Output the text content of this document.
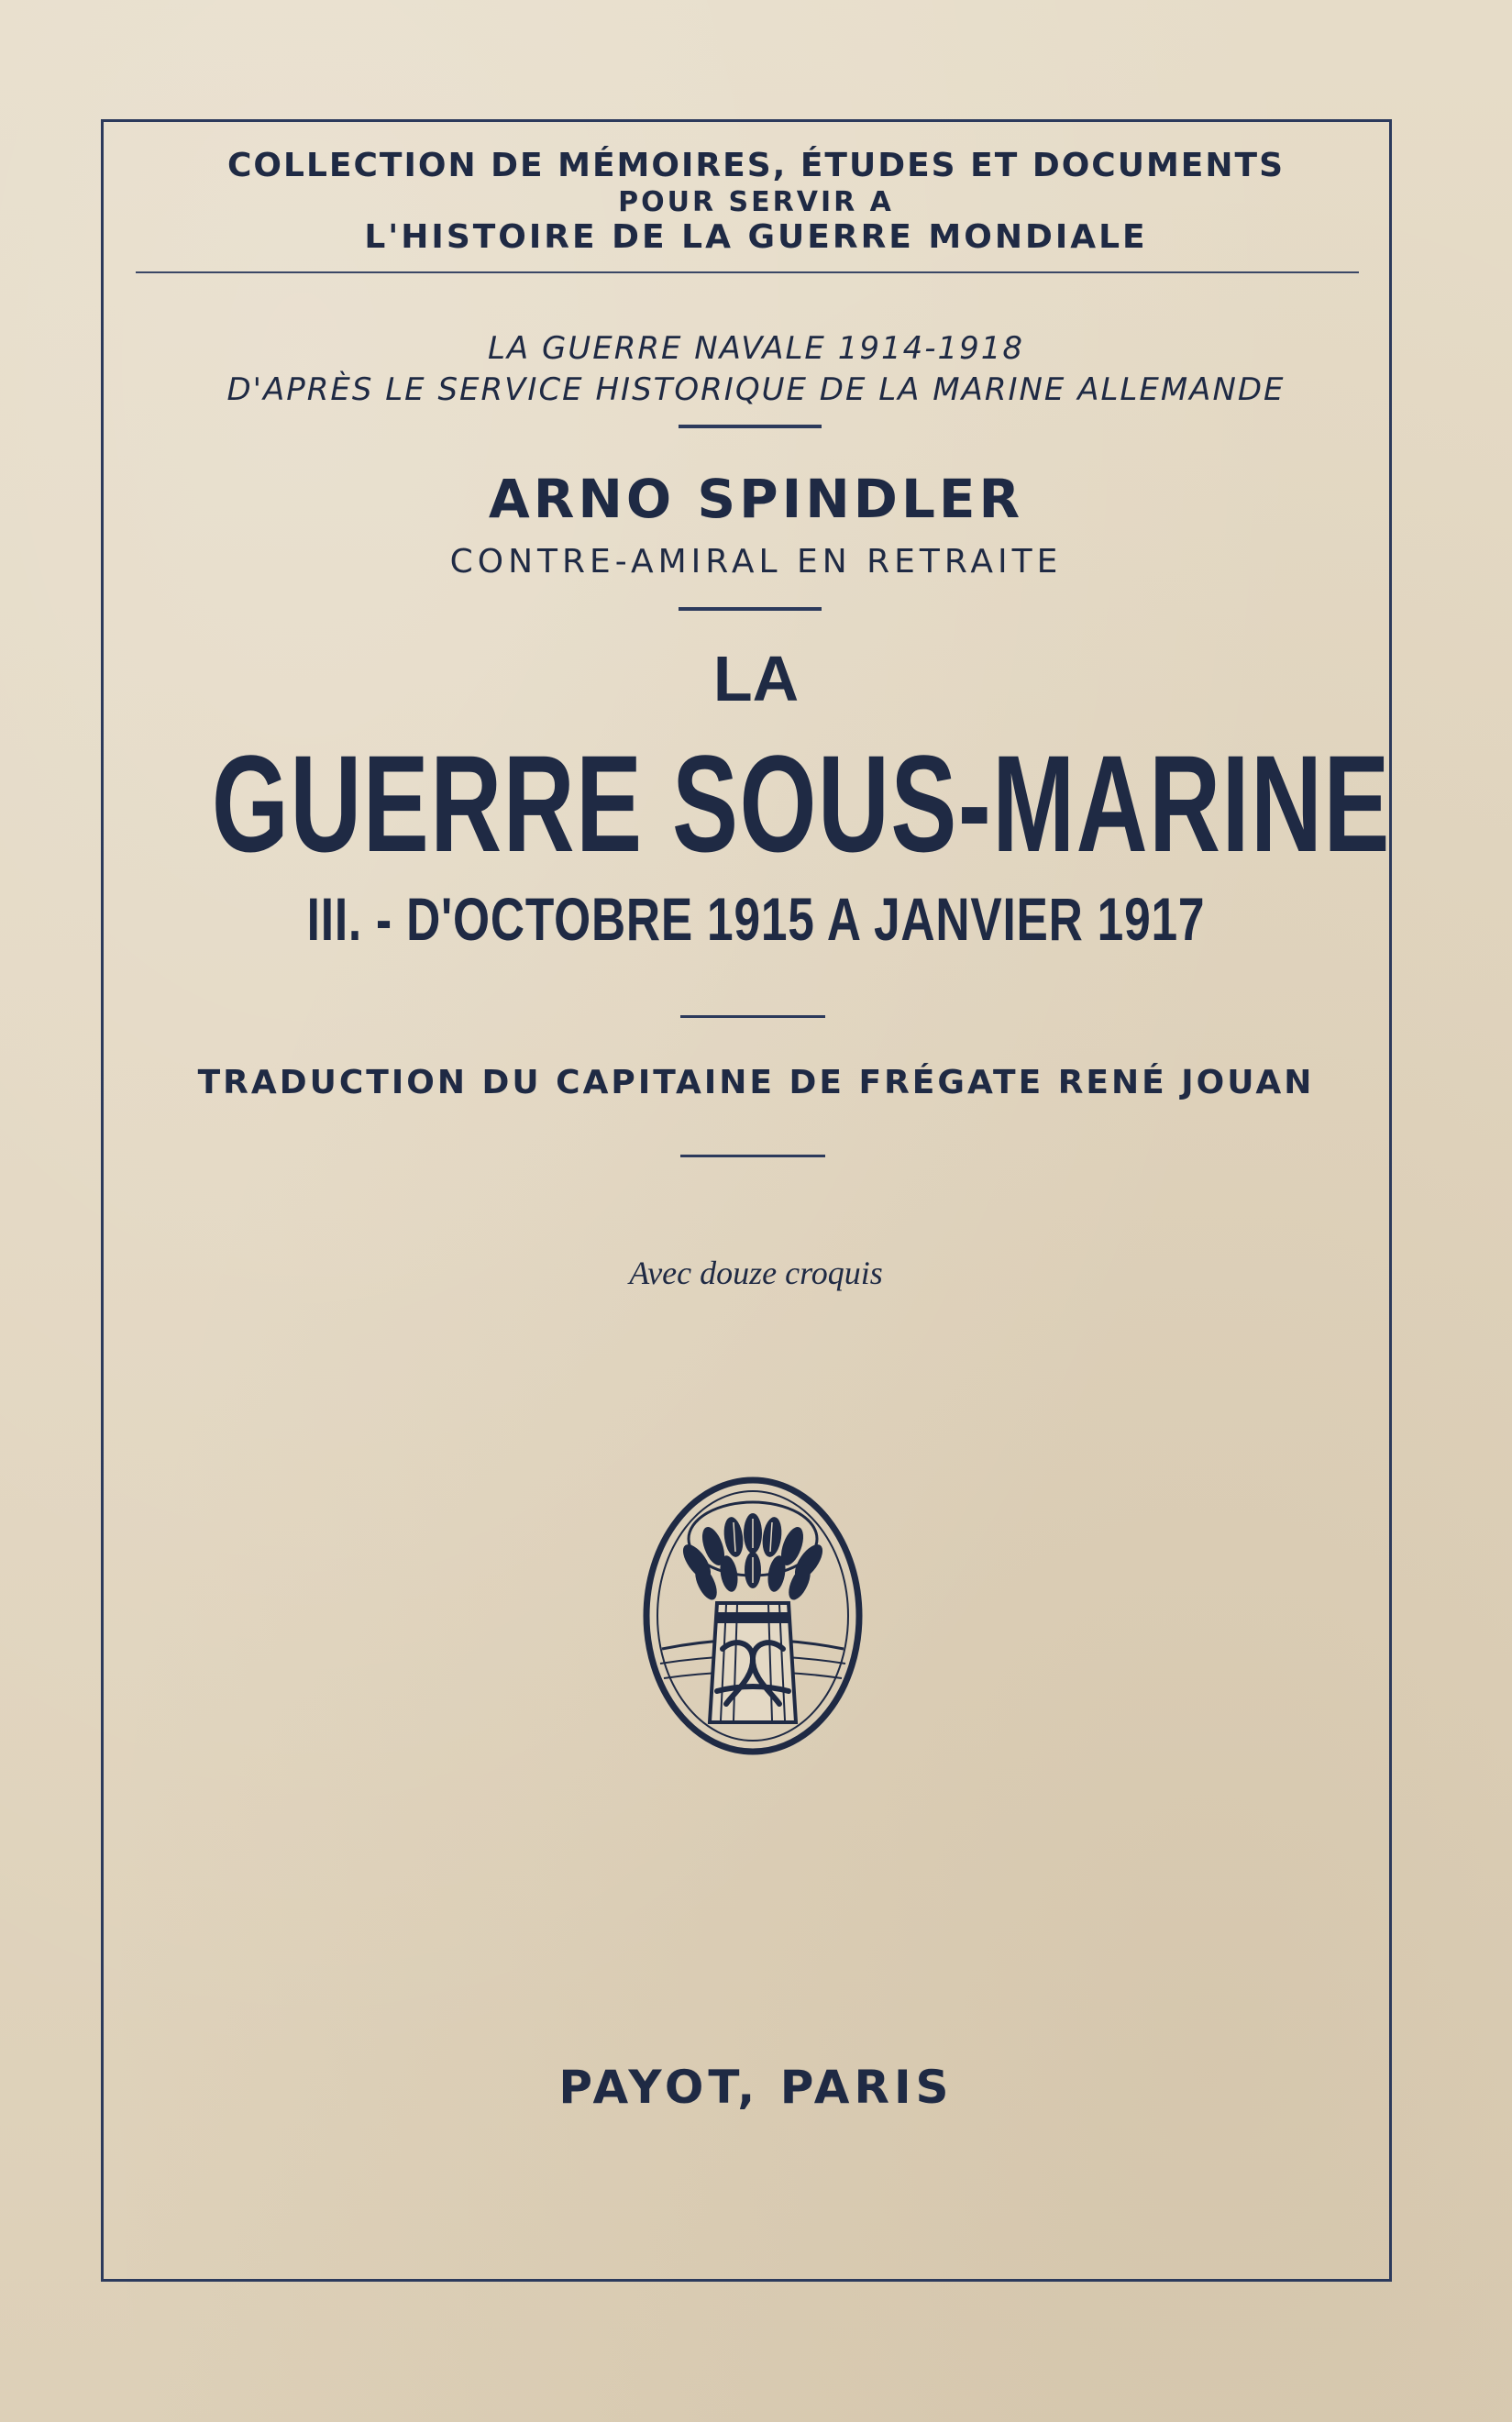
COLLECTION DE MÉMOIRES, ÉTUDES ET DOCUMENTS
POUR SERVIR A
L'HISTOIRE DE LA GUERRE MONDIALE
LA GUERRE NAVALE 1914-1918
D'APRÈS LE SERVICE HISTORIQUE DE LA MARINE ALLEMANDE
ARNO SPINDLER
CONTRE-AMIRAL EN RETRAITE
LA
GUERRE SOUS-MARINE
III. - D'OCTOBRE 1915 A JANVIER 1917
TRADUCTION DU CAPITAINE DE FRÉGATE RENÉ JOUAN
Avec douze croquis
PAYOT, PARIS
